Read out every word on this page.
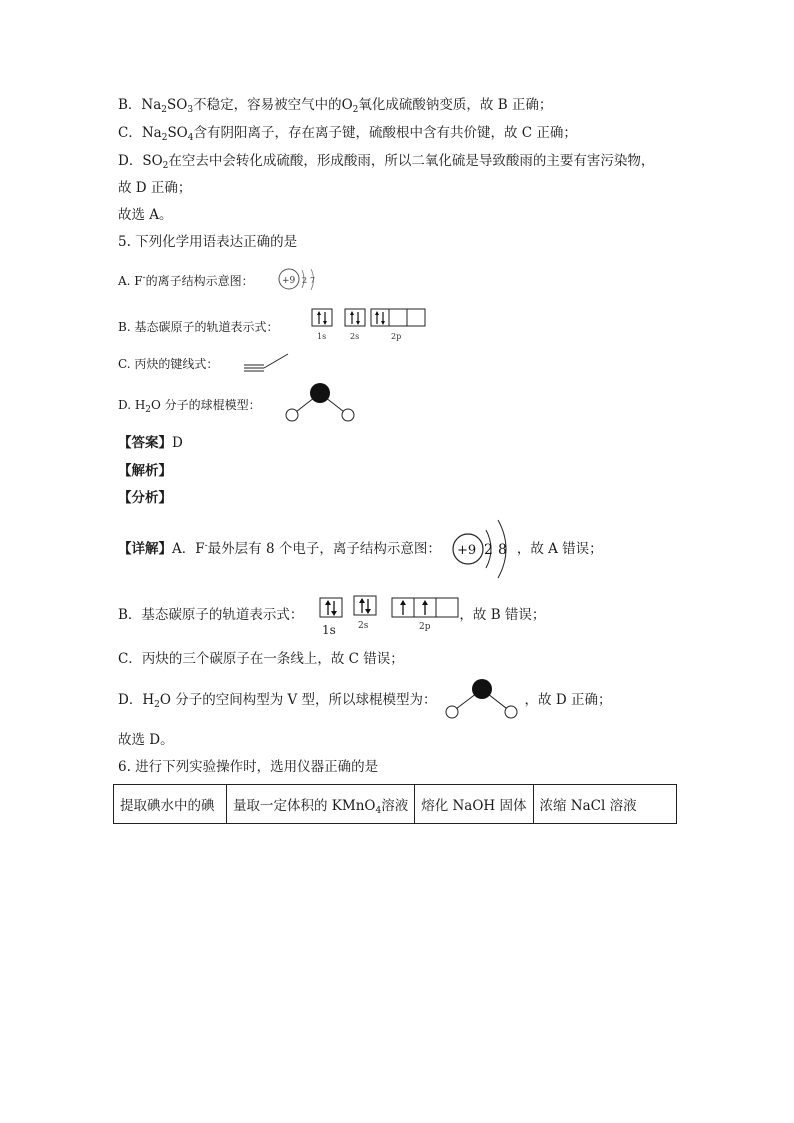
B．$Na_2SO_3$不稳定，容易被空气中的$O_2$氧化成硫酸钠变质，故 B 正确；
C．$Na_2SO_4$含有阴阳离子，存在离子键，硫酸根中含有共价键，故 C 正确；
D．$SO_2$在空去中会转化成硫酸，形成酸雨，所以二氧化硫是导致酸雨的主要有害污染物，
故 D 正确；
故选 A。
5. 下列化学用语表达正确的是
A. F-的离子结构示意图：	+9 2 7
B. 基态碳原子的轨道表示式：
1s	2s	2p
C. 丙炔的键线式：
D. $H_2O$ 分子的球棍模型：
【答案】D
【解析】
【分析】
【详解】A．F-最外层有 8 个电子，离子结构示意图：	，故 A 错误；
+9 2 8
B．基态碳原子的轨道表示式：	，故 B 错误；
1s 2s	2p
C．丙炔的三个碳原子在一条线上，故 C 错误；
D．$H_2O$ 分子的空间构型为 V 型，所以球棍模型为：	，故 D 正确；
故选 D。
6. 进行下列实验操作时，选用仪器正确的是
提取碘水中的碘	量取一定体积的 KMnO$_4$溶液	熔化 NaOH 固体	浓缩 NaCl 溶液
